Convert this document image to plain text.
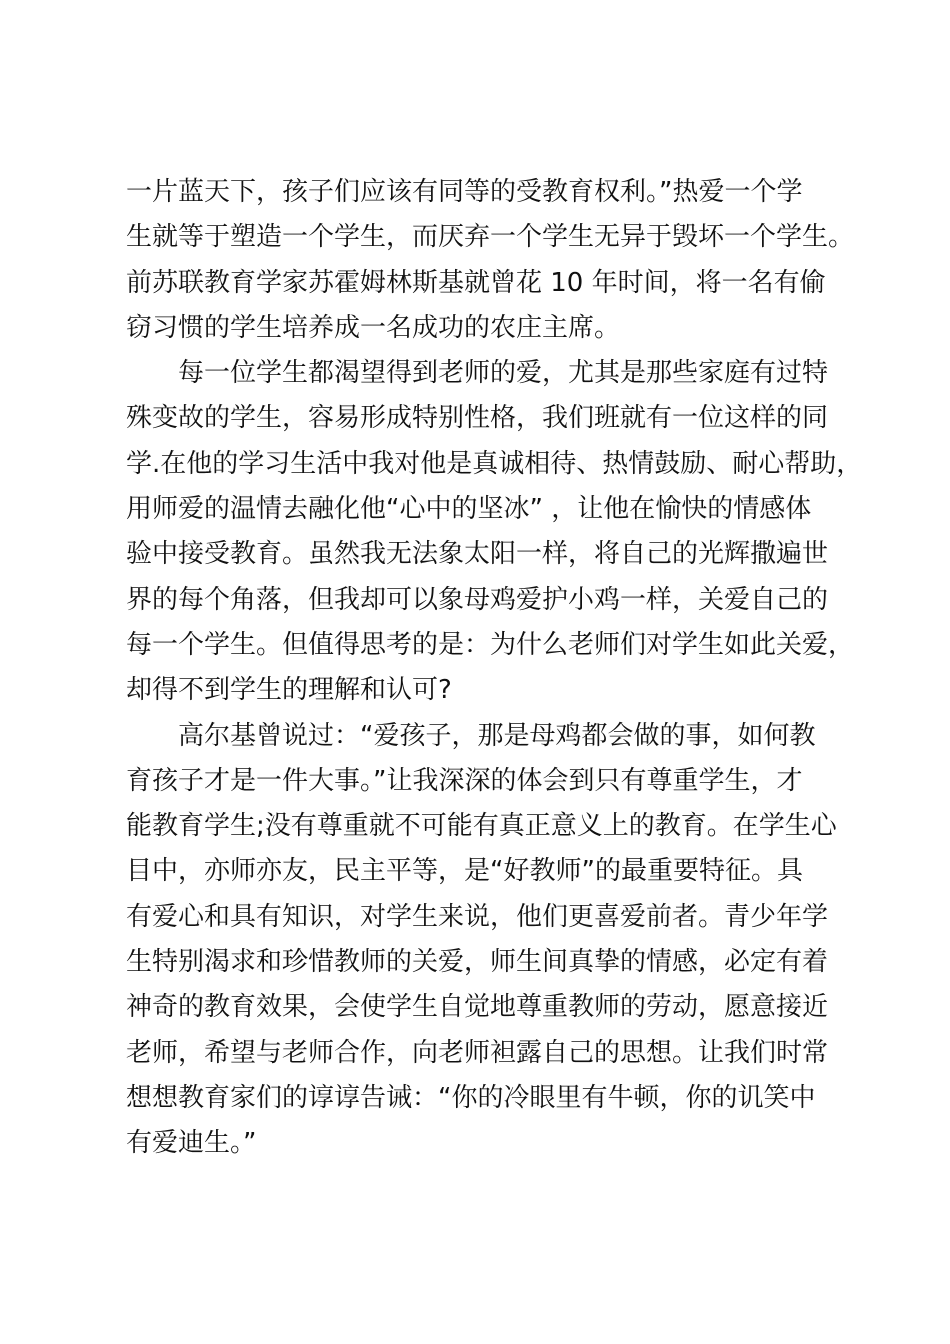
一片蓝天下，孩子们应该有同等的受教育权利。”热爱一个学
生就等于塑造一个学生，而厌弃一个学生无异于毁坏一个学生。
前苏联教育学家苏霍姆林斯基就曾花 10 年时间，将一名有偷
窃习惯的学生培养成一名成功的农庄主席。
每一位学生都渴望得到老师的爱，尤其是那些家庭有过特
殊变故的学生，容易形成特别性格，我们班就有一位这样的同
学.在他的学习生活中我对他是真诚相待、热情鼓励、耐心帮助，
用师爱的温情去融化他“心中的坚冰” ，让他在愉快的情感体
验中接受教育。虽然我无法象太阳一样，将自己的光辉撒遍世
界的每个角落，但我却可以象母鸡爱护小鸡一样，关爱自己的
每一个学生。但值得思考的是：为什么老师们对学生如此关爱，
却得不到学生的理解和认可?
高尔基曾说过：“爱孩子，那是母鸡都会做的事，如何教
育孩子才是一件大事。”让我深深的体会到只有尊重学生，才
能教育学生;没有尊重就不可能有真正意义上的教育。在学生心
目中，亦师亦友，民主平等，是“好教师”的最重要特征。具
有爱心和具有知识，对学生来说，他们更喜爱前者。青少年学
生特别渴求和珍惜教师的关爱，师生间真挚的情感，必定有着
神奇的教育效果，会使学生自觉地尊重教师的劳动，愿意接近
老师，希望与老师合作，向老师袒露自己的思想。让我们时常
想想教育家们的谆谆告诫：“你的冷眼里有牛顿，你的讥笑中
有爱迪生。”
